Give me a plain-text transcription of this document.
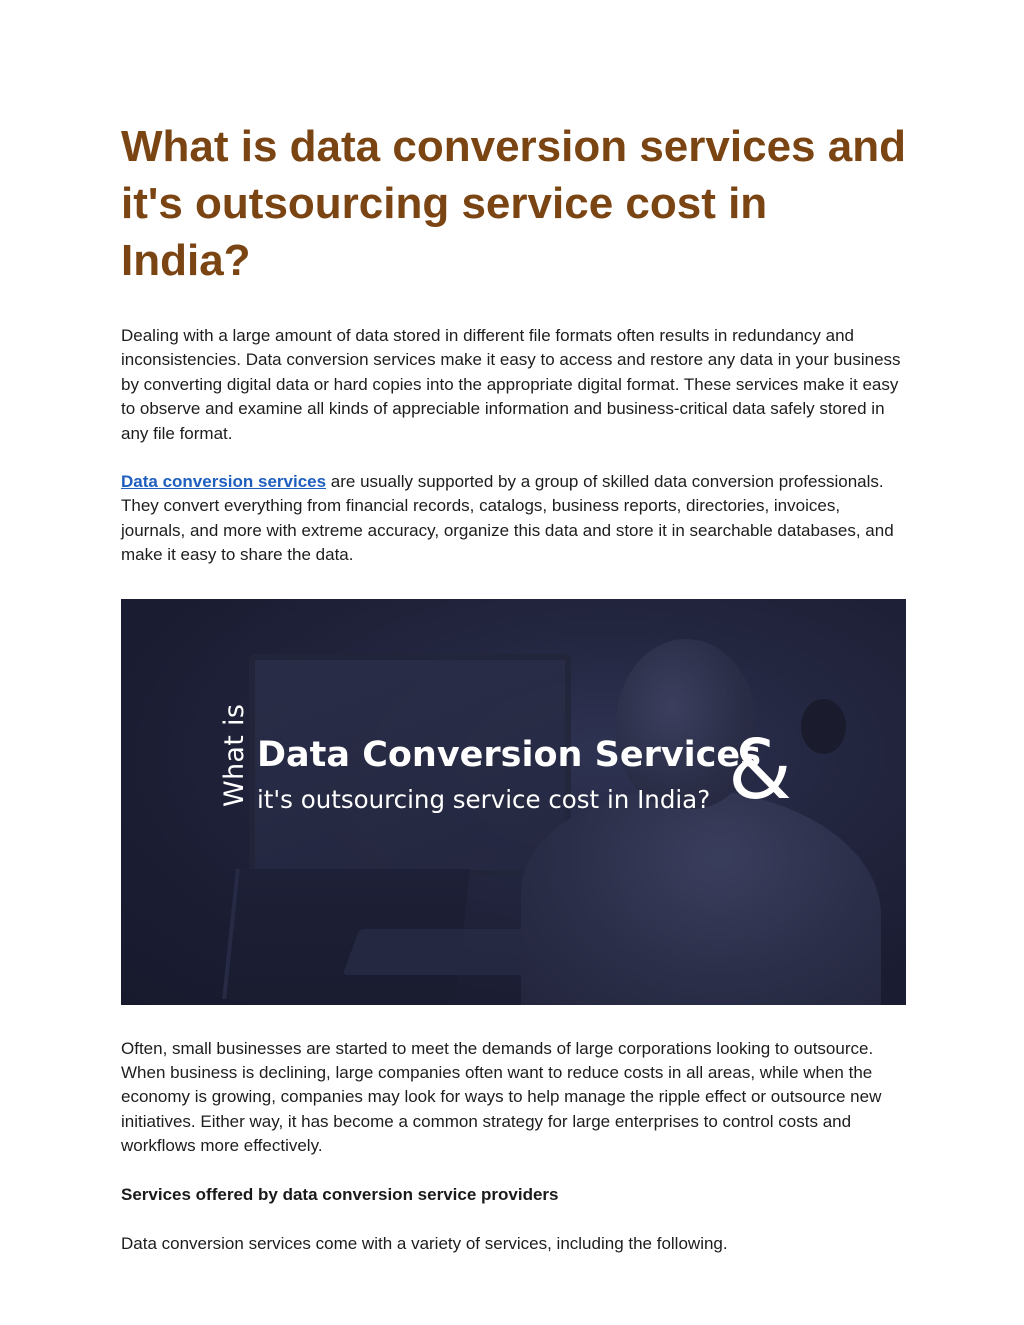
What is data conversion services and it's outsourcing service cost in India?

Dealing with a large amount of data stored in different file formats often results in redundancy and inconsistencies. Data conversion services make it easy to access and restore any data in your business by converting digital data or hard copies into the appropriate digital format. These services make it easy to observe and examine all kinds of appreciable information and business-critical data safely stored in any file format.

Data conversion services are usually supported by a group of skilled data conversion professionals. They convert everything from financial records, catalogs, business reports, directories, invoices, journals, and more with extreme accuracy, organize this data and store it in searchable databases, and make it easy to share the data.

What is Data Conversion Services
it's outsourcing service cost in India? &

Often, small businesses are started to meet the demands of large corporations looking to outsource. When business is declining, large companies often want to reduce costs in all areas, while when the economy is growing, companies may look for ways to help manage the ripple effect or outsource new initiatives. Either way, it has become a common strategy for large enterprises to control costs and workflows more effectively.

Services offered by data conversion service providers

Data conversion services come with a variety of services, including the following.
